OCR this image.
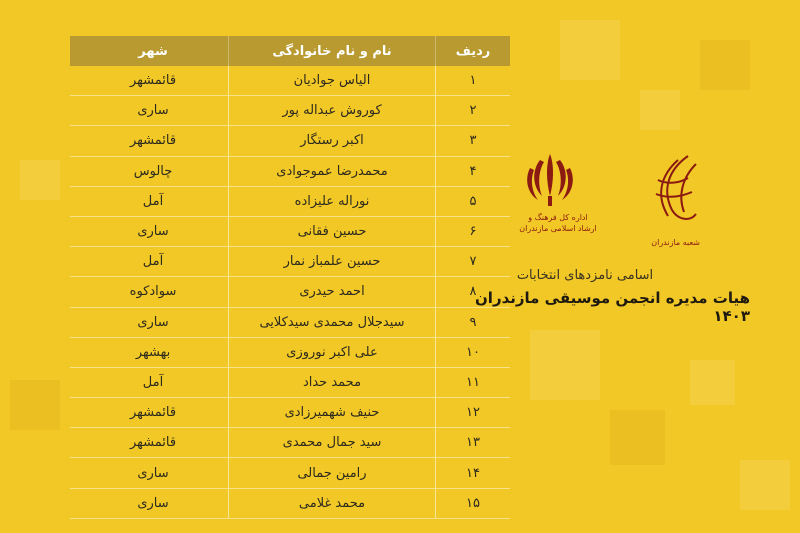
ردیف
نام و نام خانوادگی
شهر
۱
الیاس جوادیان
قائمشهر
۲
کوروش عبداله پور
ساری
۳
اکبر رستگار
قائمشهر
۴
محمدرضا عموجوادی
چالوس
۵
نوراله علیزاده
آمل
۶
حسین فقانی
ساری
۷
حسین علمباز نمار
آمل
۸
احمد حیدری
سوادکوه
۹
سیدجلال محمدی سیدکلایی
ساری
۱۰
علی اکبر نوروزی
بهشهر
۱۱
محمد حداد
آمل
۱۲
حنیف شهمیرزادی
قائمشهر
۱۳
سید جمال محمدی
قائمشهر
۱۴
رامین جمالی
ساری
۱۵
محمد غلامی
ساری
اداره کل فرهنگ و ارشاد اسلامی مازندران
شعبه مازندران
اسامی نامزدهای انتخابات
هیات مدیره انجمن موسیقی مازندران ۱۴۰۳
